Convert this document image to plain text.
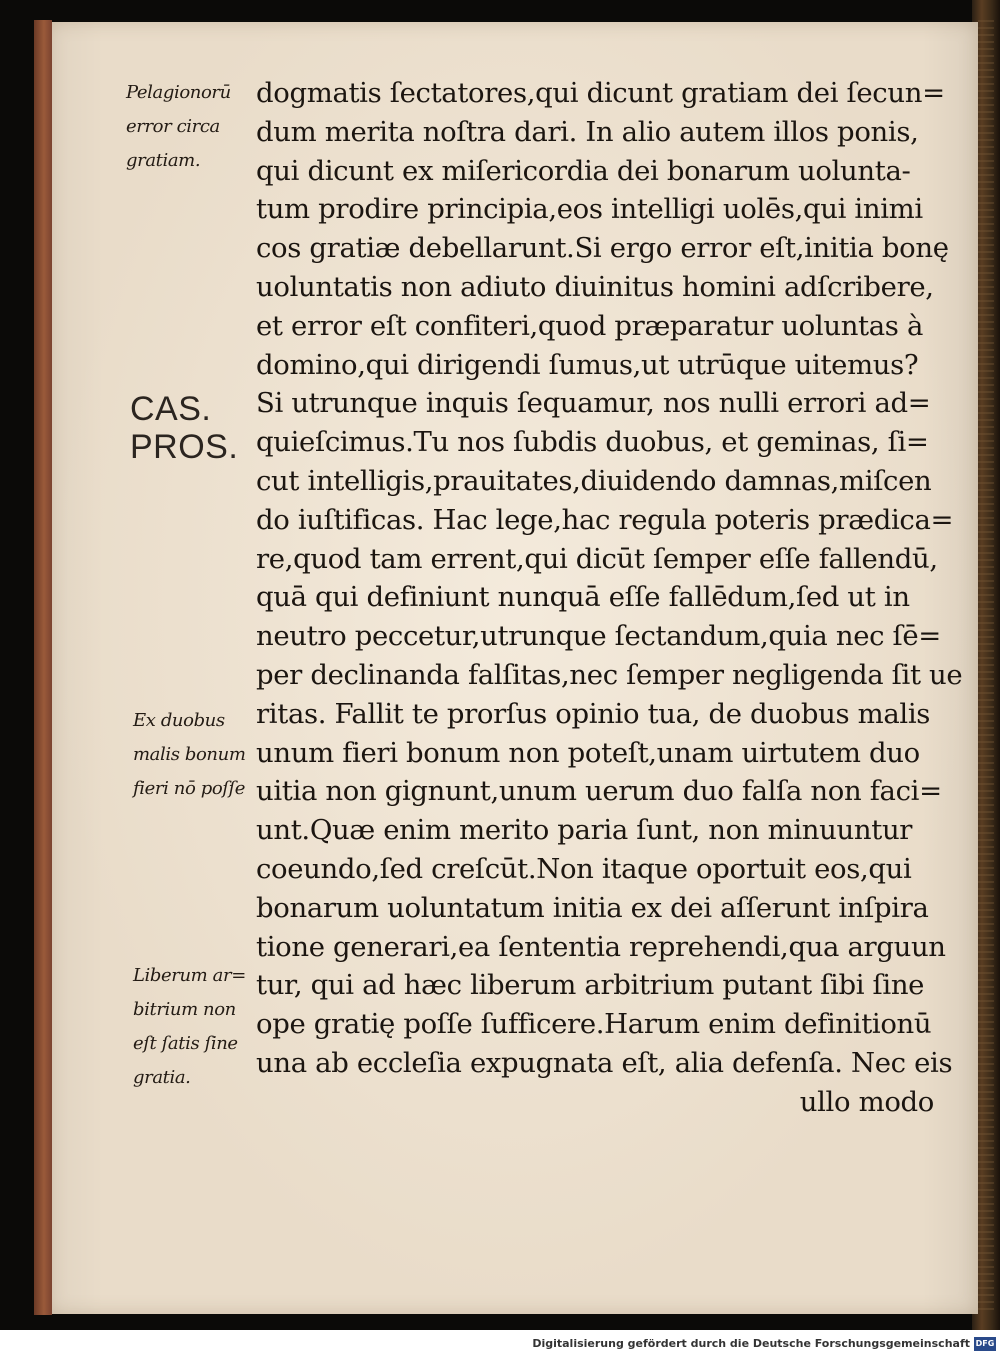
dogmatis ſectatores,qui dicunt gratiam dei ſecun=
dum merita noſtra dari. In alio autem illos ponis,
qui dicunt ex miſericordia dei bonarum uolunta-
tum prodire principia,eos intelligi uolēs,qui inimi
cos gratiæ debellarunt.Si ergo error eſt,initia bonę
uoluntatis non adiuto diuinitus homini adſcribere,
et error eſt confiteri,quod præparatur uoluntas à
domino,qui dirigendi ſumus,ut utrūque uitemus?
Si utrunque inquis ſequamur, nos nulli errori ad=
quieſcimus.Tu nos ſubdis duobus, et geminas, ſi=
cut intelligis,prauitates,diuidendo damnas,miſcen
do iuſtificas. Hac lege,hac regula poteris prædica=
re,quod tam errent,qui dicūt ſemper eſſe fallendū,
quā qui definiunt nunquā eſſe fallēdum,ſed ut in
neutro peccetur,utrunque ſectandum,quia nec ſē=
per declinanda falſitas,nec ſemper negligenda ſit ue
ritas. Fallit te prorſus opinio tua, de duobus malis
unum fieri bonum non poteſt,unam uirtutem duo
uitia non gignunt,unum uerum duo falſa non faci=
unt.Quæ enim merito paria ſunt, non minuuntur
coeundo,ſed creſcūt.Non itaque oportuit eos,qui
bonarum uoluntatum initia ex dei aſſerunt inſpira
tione generari,ea ſententia reprehendi,qua arguun
tur, qui ad hæc liberum arbitrium putant ſibi ſine
ope gratię poſſe ſufficere.Harum enim definitionū
una ab eccleſia expugnata eſt, alia defenſa. Nec eis
ullo modo
Pelagionorū
error circa
gratiam.
CAS.
PROS.
Ex duobus
malis bonum
fieri nō poſſe
Liberum ar=
bitrium non
eſt ſatis ſine
gratia.
Digitalisierung gefördert durch die Deutsche Forschungsgemeinschaft DFG
